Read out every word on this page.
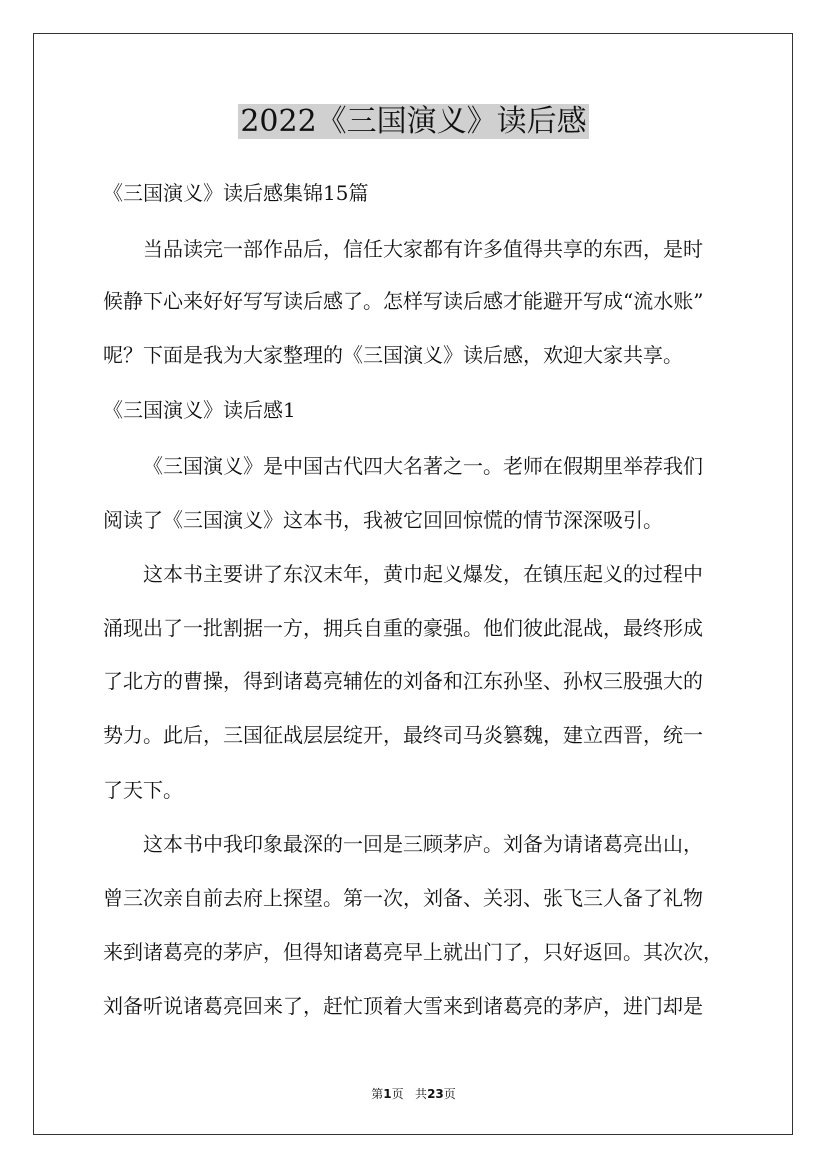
2022《三国演义》读后感
《三国演义》读后感集锦15篇
当品读完一部作品后，信任大家都有许多值得共享的东西，是时
候静下心来好好写写读后感了。怎样写读后感才能避开写成“流水账”
呢？下面是我为大家整理的《三国演义》读后感，欢迎大家共享。
《三国演义》读后感1
《三国演义》是中国古代四大名著之一。老师在假期里举荐我们
阅读了《三国演义》这本书，我被它回回惊慌的情节深深吸引。
这本书主要讲了东汉末年，黄巾起义爆发，在镇压起义的过程中
涌现出了一批割据一方，拥兵自重的豪强。他们彼此混战，最终形成
了北方的曹操，得到诸葛亮辅佐的刘备和江东孙坚、孙权三股强大的
势力。此后，三国征战层层绽开，最终司马炎篡魏，建立西晋，统一
了天下。
这本书中我印象最深的一回是三顾茅庐。刘备为请诸葛亮出山，
曾三次亲自前去府上探望。第一次，刘备、关羽、张飞三人备了礼物
来到诸葛亮的茅庐，但得知诸葛亮早上就出门了，只好返回。其次次，
刘备听说诸葛亮回来了，赶忙顶着大雪来到诸葛亮的茅庐，进门却是
第1页 共23页
